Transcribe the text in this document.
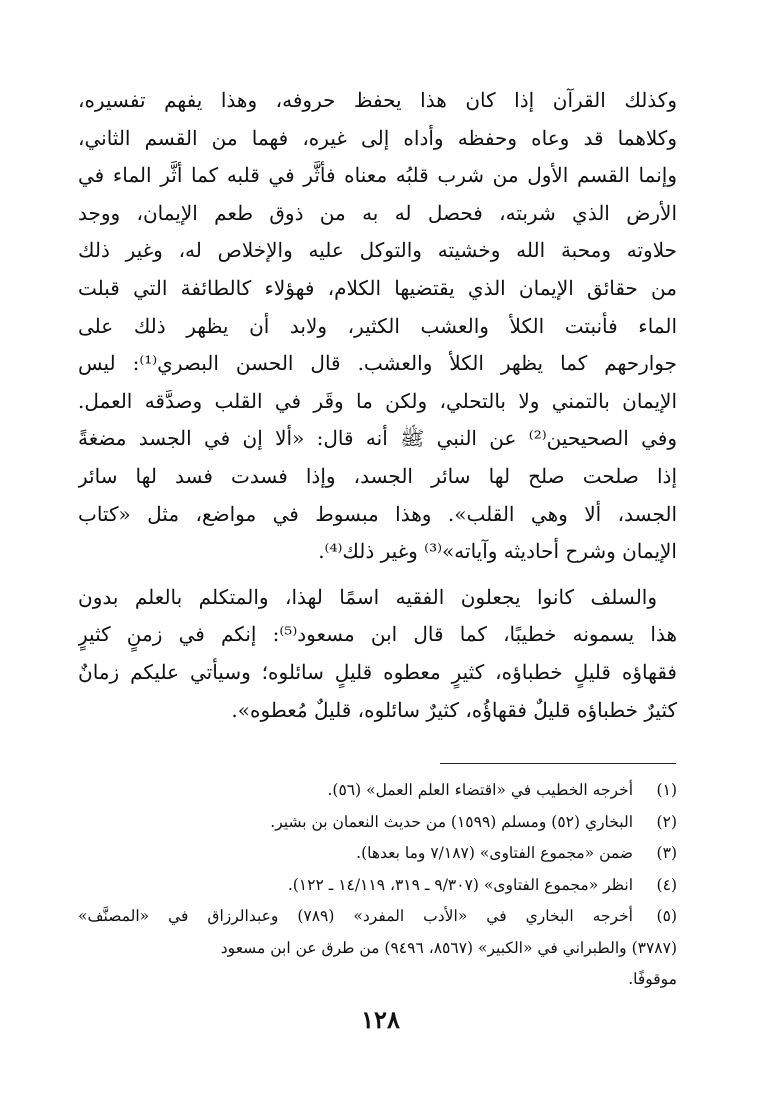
وكذلك القرآن إذا كان هذا يحفظ حروفه، وهذا يفهم تفسيره،
وكلاهما قد وعاه وحفظه وأداه إلى غيره، فهما من القسم الثاني،
وإنما القسم الأول من شرب قلبُه معناه فأثَّر في قلبه كما أثَّر الماء في
الأرض الذي شربته، فحصل له به من ذوق طعم الإيمان، ووجد
حلاوته ومحبة الله وخشيته والتوكل عليه والإخلاص له، وغير ذلك
من حقائق الإيمان الذي يقتضيها الكلام، فهؤلاء كالطائفة التي قبلت
الماء فأنبتت الكلأ والعشب الكثير، ولابد أن يظهر ذلك على
جوارحهم كما يظهر الكلأ والعشب. قال الحسن البصري⁽¹⁾: ليس
الإيمان بالتمني ولا بالتحلي، ولكن ما وقَر في القلب وصدَّقه العمل.
وفي الصحيحين⁽²⁾ عن النبي ﷺ أنه قال: «ألا إن في الجسد مضغةً
إذا صلحت صلح لها سائر الجسد، وإذا فسدت فسد لها سائر
الجسد، ألا وهي القلب». وهذا مبسوط في مواضع، مثل «كتاب
الإيمان وشرح أحاديثه وآياته»⁽³⁾ وغير ذلك⁽⁴⁾.
والسلف كانوا يجعلون الفقيه اسمًا لهذا، والمتكلم بالعلم بدون
هذا يسمونه خطيبًا، كما قال ابن مسعود⁽⁵⁾: إنكم في زمنٍ كثيرٍ
فقهاؤه قليلٍ خطباؤه، كثيرٍ معطوه قليلٍ سائلوه؛ وسيأتي عليكم زمانٌ
كثيرٌ خطباؤه قليلٌ فقهاؤُه، كثيرٌ سائلوه، قليلٌ مُعطوه».
(١)
أخرجه الخطيب في «اقتضاء العلم العمل» (٥٦).
(٢)
البخاري (٥٢) ومسلم (١٥٩٩) من حديث النعمان بن بشير.
(٣)
ضمن «مجموع الفتاوى» (٧/١٨٧ وما بعدها).
(٤)
انظر «مجموع الفتاوى» (٩/٣٠٧ ـ ٣١٩، ١٤/١١٩ ـ ١٢٢).
(٥)
أخرجه البخاري في «الأدب المفرد» (٧٨٩) وعبدالرزاق في «المصنَّف»
(٣٧٨٧) والطبراني في «الكبير» (٨٥٦٧، ٩٤٩٦) من طرق عن ابن مسعود
موقوفًا.
١٢٨
